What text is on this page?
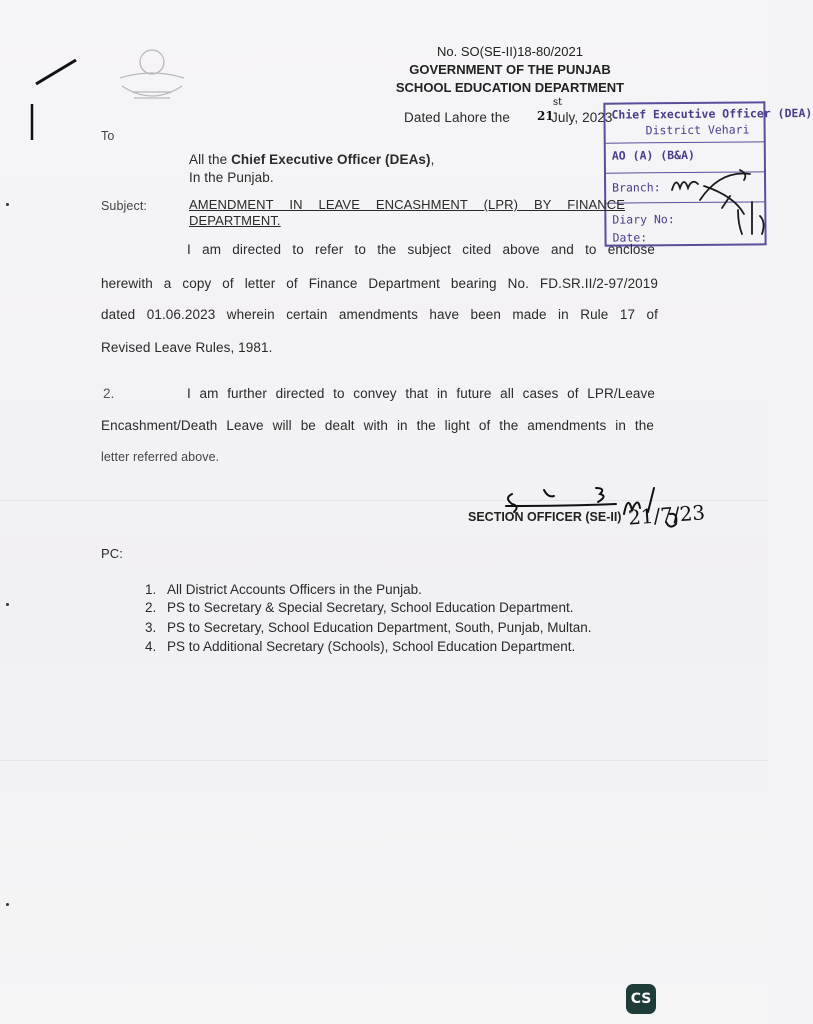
No. SO(SE-II)18-80/2021
GOVERNMENT OF THE PUNJAB
SCHOOL EDUCATION DEPARTMENT
Dated Lahore the 21
st
July, 2023
Chief Executive Officer (DEA)
District Vehari
AO (A) (B&A)
Branch:
Diary No:
Date:
To
All the Chief Executive Officer (DEAs),
In the Punjab.
Subject:	AMENDMENT IN LEAVE ENCASHMENT (LPR) BY FINANCE
DEPARTMENT.
I am directed to refer to the subject cited above and to enclose
herewith a copy of letter of Finance Department bearing No. FD.SR.II/2-97/2019
dated 01.06.2023 wherein certain amendments have been made in Rule 17 of
Revised Leave Rules, 1981.
2.	I am further directed to convey that in future all cases of LPR/Leave
Encashment/Death Leave will be dealt with in the light of the amendments in the
letter referred above.
SECTION OFFICER (SE-II) 21/7/23
PC:
1. All District Accounts Officers in the Punjab.
2. PS to Secretary & Special Secretary, School Education Department.
3. PS to Secretary, School Education Department, South, Punjab, Multan.
4. PS to Additional Secretary (Schools), School Education Department.
CS
